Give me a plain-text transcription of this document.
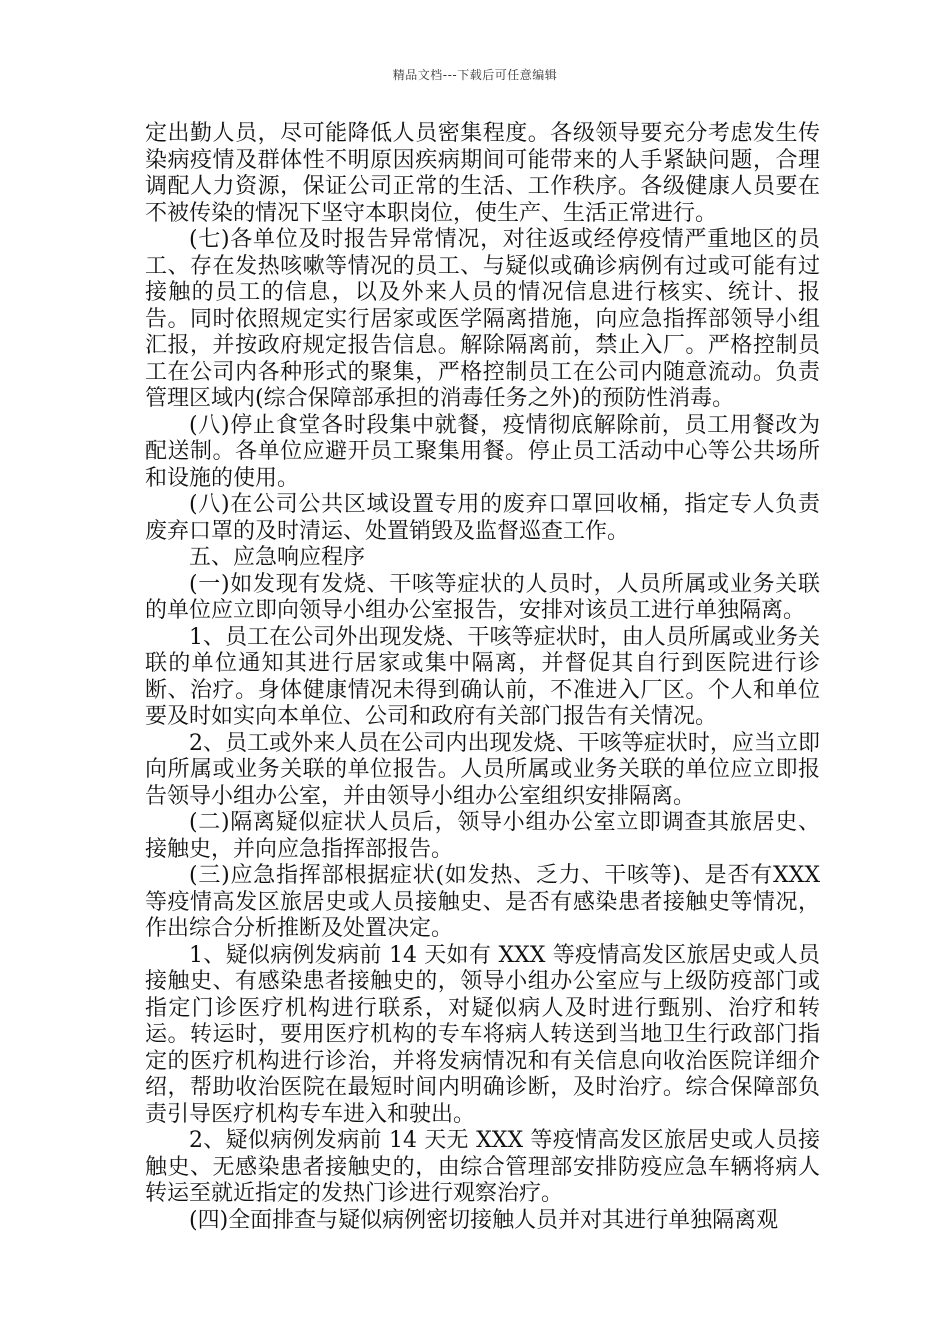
精品文档---下载后可任意编辑

定出勤人员，尽可能降低人员密集程度。各级领导要充分考虑发生传染病疫情及群体性不明原因疾病期间可能带来的人手紧缺问题，合理调配人力资源，保证公司正常的生活、工作秩序。各级健康人员要在不被传染的情况下坚守本职岗位，使生产、生活正常进行。

(七)各单位及时报告异常情况，对往返或经停疫情严重地区的员工、存在发热咳嗽等情况的员工、与疑似或确诊病例有过或可能有过接触的员工的信息，以及外来人员的情况信息进行核实、统计、报告。同时依照规定实行居家或医学隔离措施，向应急指挥部领导小组汇报，并按政府规定报告信息。解除隔离前，禁止入厂。严格控制员工在公司内各种形式的聚集，严格控制员工在公司内随意流动。负责管理区域内(综合保障部承担的消毒任务之外)的预防性消毒。

(八)停止食堂各时段集中就餐，疫情彻底解除前，员工用餐改为配送制。各单位应避开员工聚集用餐。停止员工活动中心等公共场所和设施的使用。

(八)在公司公共区域设置专用的废弃口罩回收桶，指定专人负责废弃口罩的及时清运、处置销毁及监督巡查工作。

五、应急响应程序

(一)如发现有发烧、干咳等症状的人员时，人员所属或业务关联的单位应立即向领导小组办公室报告，安排对该员工进行单独隔离。

1、员工在公司外出现发烧、干咳等症状时，由人员所属或业务关联的单位通知其进行居家或集中隔离，并督促其自行到医院进行诊断、治疗。身体健康情况未得到确认前，不准进入厂区。个人和单位要及时如实向本单位、公司和政府有关部门报告有关情况。

2、员工或外来人员在公司内出现发烧、干咳等症状时，应当立即向所属或业务关联的单位报告。人员所属或业务关联的单位应立即报告领导小组办公室，并由领导小组办公室组织安排隔离。

(二)隔离疑似症状人员后，领导小组办公室立即调查其旅居史、接触史，并向应急指挥部报告。

(三)应急指挥部根据症状(如发热、乏力、干咳等)、是否有XXX等疫情高发区旅居史或人员接触史、是否有感染患者接触史等情况，作出综合分析推断及处置决定。

1、疑似病例发病前 14 天如有 XXX 等疫情高发区旅居史或人员接触史、有感染患者接触史的，领导小组办公室应与上级防疫部门或指定门诊医疗机构进行联系，对疑似病人及时进行甄别、治疗和转运。转运时，要用医疗机构的专车将病人转送到当地卫生行政部门指定的医疗机构进行诊治，并将发病情况和有关信息向收治医院详细介绍，帮助收治医院在最短时间内明确诊断，及时治疗。综合保障部负责引导医疗机构专车进入和驶出。

2、疑似病例发病前 14 天无 XXX 等疫情高发区旅居史或人员接触史、无感染患者接触史的，由综合管理部安排防疫应急车辆将病人转运至就近指定的发热门诊进行观察治疗。

(四)全面排查与疑似病例密切接触人员并对其进行单独隔离观
